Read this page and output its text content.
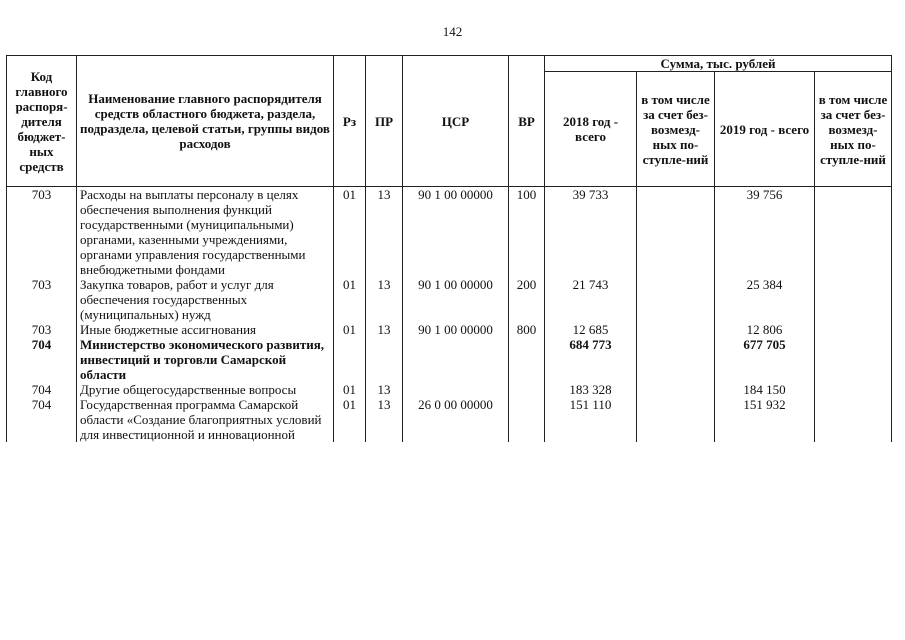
142
Код главного распоря-дителя бюджет-ных средств	Наименование главного распорядителя средств областного бюджета, раздела, подраздела, целевой статьи, группы видов расходов	Рз	ПР	ЦСР	ВР	Сумма, тыс. рублей			
						2018 год - всего	в том числе за счет без-возмезд-ных по-ступле-ний	2019 год - всего	в том числе за счет без-возмезд-ных по-ступле-ний
703	Расходы на выплаты персоналу в целях обеспечения выполнения функций государственными (муниципальными) органами, казенными учреждениями, органами управления государственными внебюджетными фондами	01	13	90 1 00 00000	100	39 733		39 756	
703	Закупка товаров, работ и услуг для обеспечения государственных (муниципальных) нужд	01	13	90 1 00 00000	200	21 743		25 384	
703	Иные бюджетные ассигнования	01	13	90 1 00 00000	800	12 685		12 806	
704	Министерство экономического развития, инвестиций и торговли Самарской области					684 773		677 705	
704	Другие общегосударственные вопросы	01	13			183 328		184 150	
704	Государственная программа Самарской области «Создание благоприятных условий для инвестиционной и инновационной	01	13	26 0 00 00000		151 110		151 932	
